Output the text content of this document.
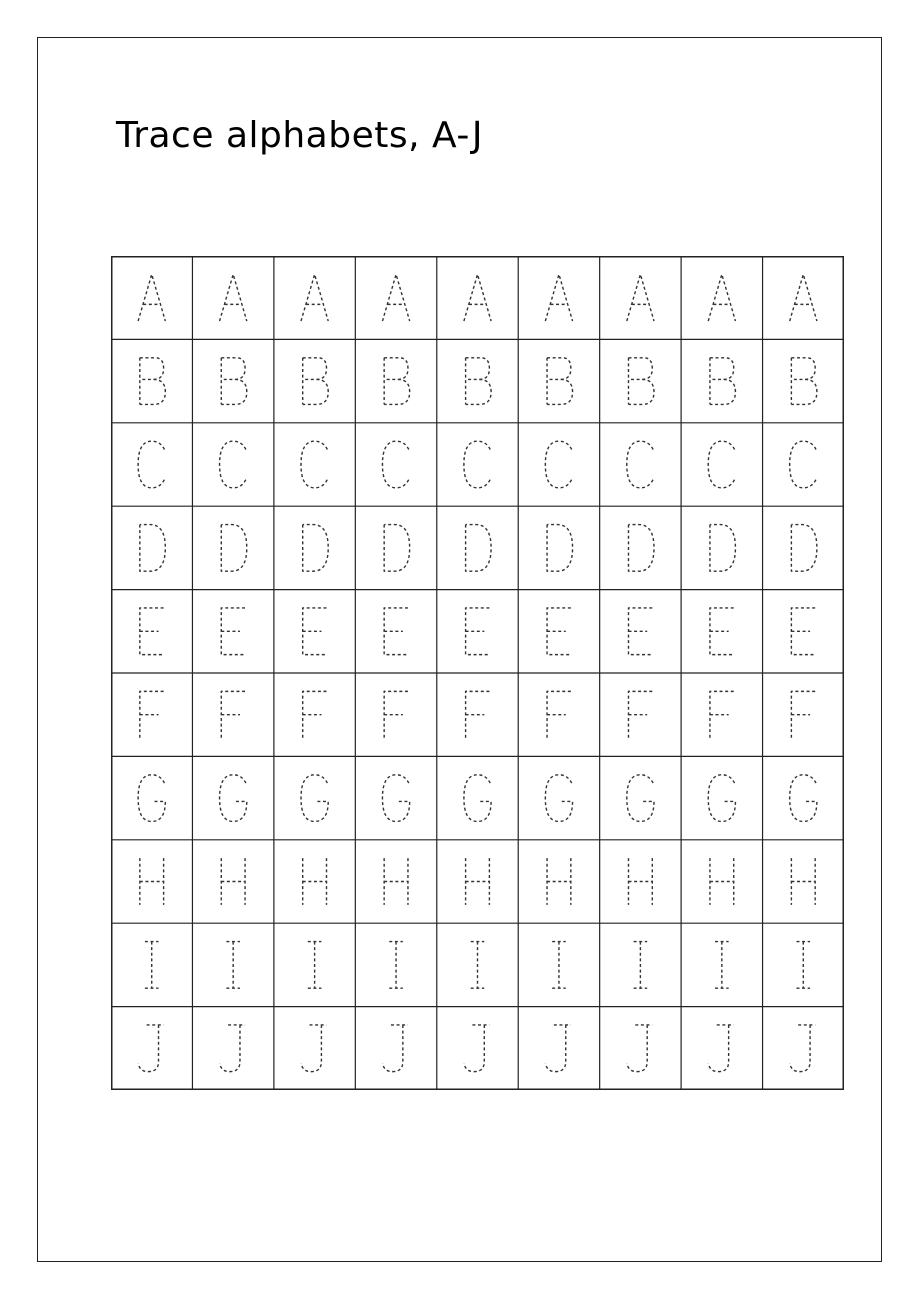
Trace alphabets, A-J
